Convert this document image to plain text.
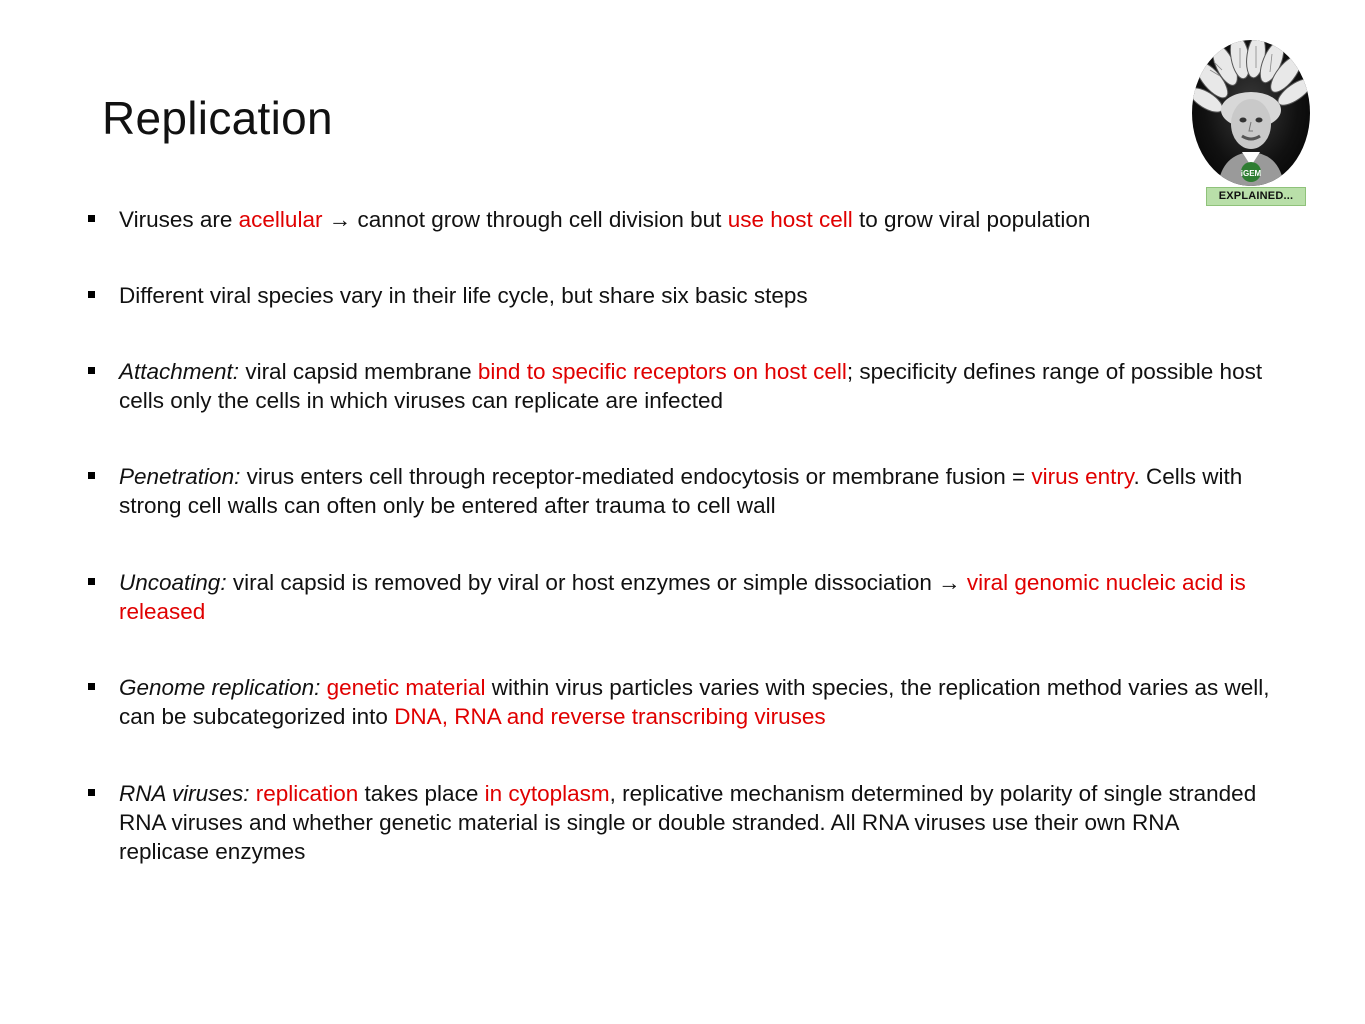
Replication
iGEM
EXPLAINED...
Viruses are acellular → cannot grow through cell division but use host cell to grow viral population
Different viral species vary in their life cycle, but share six basic steps
Attachment: viral capsid membrane bind to specific receptors on host cell; specificity defines range of possible host cells only the cells in which viruses can replicate are infected
Penetration: virus enters cell through receptor-mediated endocytosis or membrane fusion = virus entry. Cells with strong cell walls can often only be entered after trauma to cell wall
Uncoating: viral capsid is removed by viral or host enzymes or simple dissociation → viral genomic nucleic acid is released
Genome replication: genetic material within virus particles varies with species, the replication method varies as well, can be subcategorized into DNA, RNA and reverse transcribing viruses
RNA viruses: replication takes place in cytoplasm, replicative mechanism determined by polarity of single stranded RNA viruses and whether genetic material is single or double stranded. All RNA viruses use their own RNA replicase enzymes
